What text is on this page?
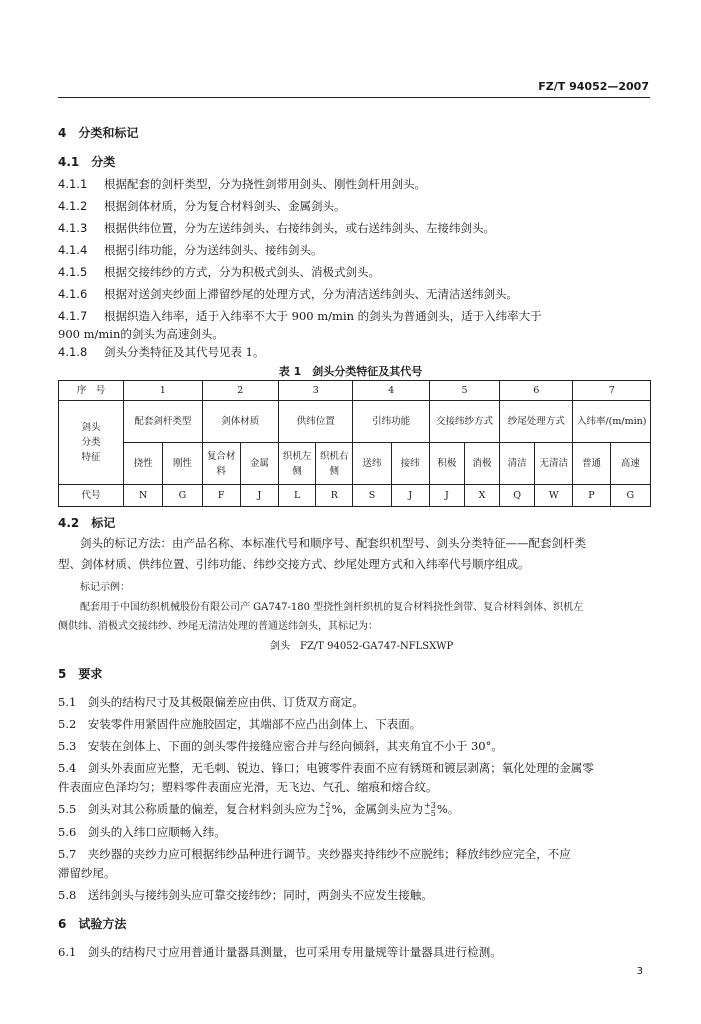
FZ/T 94052—2007
4　分类和标记
4.1　分类
4.1.1 根据配套的剑杆类型，分为挠性剑带用剑头、刚性剑杆用剑头。
4.1.2 根据剑体材质，分为复合材料剑头、金属剑头。
4.1.3 根据供纬位置，分为左送纬剑头、右接纬剑头，或右送纬剑头、左接纬剑头。
4.1.4 根据引纬功能，分为送纬剑头、接纬剑头。
4.1.5 根据交接纬纱的方式，分为积极式剑头、消极式剑头。
4.1.6 根据对送剑夹纱面上滞留纱尾的处理方式，分为清洁送纬剑头、无清洁送纬剑头。
4.1.7 根据织造入纬率，适于入纬率不大于 900 m/min 的剑头为普通剑头，适于入纬率大于
900 m/min的剑头为高速剑头。
4.1.8 剑头分类特征及其代号见表 1。
表 1　剑头分类特征及其代号
序　号	1		2		3		4		5		6		7	

剑头
分类
特征	配套剑杆类型		剑体材质		供纬位置		引纬功能		交接纬纱方式		纱尾处理方式		入纬率/(m/min)	
	挠性	刚性	复合材料	金属	织机左侧	织机右侧	送纬	接纬	积极	消极	清洁	无清洁	普通	高速
代号	N	G	F	J	L	R	S	J	J	X	Q	W	P	G
4.2　标记
剑头的标记方法：由产品名称、本标准代号和顺序号、配套织机型号、剑头分类特征——配套剑杆类
型、剑体材质、供纬位置、引纬功能、纬纱交接方式、纱尾处理方式和入纬率代号顺序组成。
标记示例：
配套用于中国纺织机械股份有限公司产 GA747-180 型挠性剑杆织机的复合材料挠性剑带、复合材料剑体、织机左
侧供纬、消极式交接纬纱、纱尾无清洁处理的普通送纬剑头，其标记为：
剑头　FZ/T 94052-GA747-NFLSXWP
5　要求
5.1　剑头的结构尺寸及其极限偏差应由供、订货双方商定。
5.2　安装零件用紧固件应施胶固定，其端部不应凸出剑体上、下表面。
5.3　安装在剑体上、下面的剑头零件接缝应密合并与经向倾斜，其夹角宜不小于 30°。
5.4　剑头外表面应光整，无毛刺、锐边、锋口；电镀零件表面不应有锈斑和镀层剥离；氧化处理的金属零
件表面应色泽均匀；塑料零件表面应光滑，无飞边、气孔、缩痕和熔合纹。
5.5　剑头对其公称质量的偏差，复合材料剑头应为 +2
−1 %，金属剑头应为 +3
−5 %。
5.6　剑头的入纬口应顺畅入纬。
5.7　夹纱器的夹纱力应可根据纬纱品种进行调节。夹纱器夹持纬纱不应脱纬；释放纬纱应完全，不应
滞留纱尾。
5.8　送纬剑头与接纬剑头应可靠交接纬纱；同时，两剑头不应发生接触。
6　试验方法
6.1　剑头的结构尺寸应用普通计量器具测量，也可采用专用量规等计量器具进行检测。
3
